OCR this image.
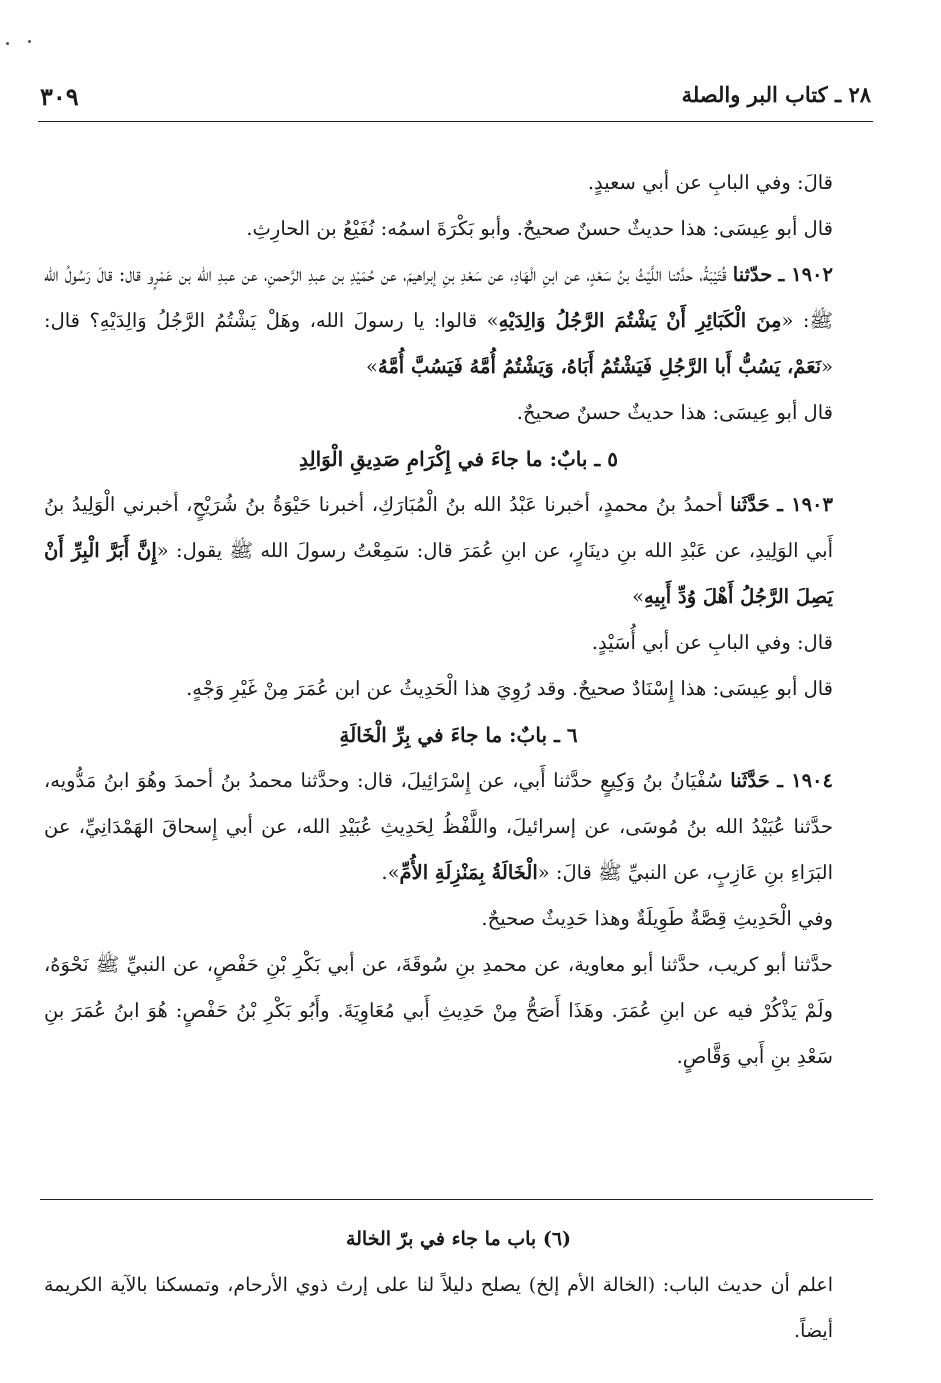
٢٨ ـ كتاب البر والصلة
٣٠٩

قالَ: وفي البابِ عن أبي سعيدٍ.

قال أبو عِيسَى: هذا حديثٌ حسنٌ صحيحٌ. وأبو بَكْرَةَ اسمُه: نُفَيْعُ بن الحارِثِ.

١٩٠٢ ـ حدّثنا قُتَيْبَةُ، حدَّثنا اللَّيْثُ بنُ سَعْدٍ، عن ابنِ الْهَادِ، عن سَعْدِ بنِ إبراهيمَ، عن حُمَيْدِ بن عبدِ الرَّحمنِ، عن عبدِ الله بن عَمْرٍو قال: قالَ رَسُولُ الله ﷺ: «مِنَ الْكَبَائِرِ أَنْ يَشْتُمَ الرَّجُلُ وَالِدَيْهِ» قالوا: يا رسولَ الله، وهَلْ يَشْتُمُ الرَّجُلُ وَالِدَيْهِ؟ قال: «نَعَمْ، يَسُبُّ أَبا الرَّجُلِ فَيَشْتُمُ أَبَاهُ، وَيَشْتُمُ أُمَّهُ فَيَسُبَّ أُمَّهُ»

قال أبو عِيسَى: هذا حديثٌ حسنٌ صحيحٌ.

٥ ـ بابٌ: ما جاءَ في إِكْرَامِ صَدِيقِ الْوَالِدِ

١٩٠٣ ـ حَدَّثَنا أحمدُ بنُ محمدٍ، أخبرنا عَبْدُ الله بنُ الْمُبَارَكِ، أخبرنا حَيْوَةُ بنُ شُرَيْحٍ، أخبرني الْوَلِيدُ بنُ أَبي الوَلِيدِ، عن عَبْدِ الله بنِ دينَارٍ، عن ابنِ عُمَرَ قال: سَمِعْتُ رسولَ الله ﷺ يقول: «إِنَّ أَبَرَّ الْبِرِّ أَنْ يَصِلَ الرَّجُلُ أَهْلَ وُدِّ أَبِيهِ»

قال: وفي البابِ عن أبي أُسَيْدٍ.

قال أبو عِيسَى: هذا إِسْنَادٌ صحيحٌ. وقد رُوِيَ هذا الْحَدِيثُ عن ابن عُمَرَ مِنْ غَيْرِ وَجْهٍ.

٦ ـ بابٌ: ما جاءَ في بِرِّ الْخَالَةِ

١٩٠٤ ـ حَدَّثَنا سُفْيَانُ بنُ وَكِيعٍ حدَّثنا أَبي، عن إِسْرَائِيلَ، قال: وحدَّثنا محمدُ بنُ أحمدَ وهُوَ ابنُ مَدُّويه، حدَّثنا عُبَيْدُ الله بنُ مُوسَى، عن إسرائيلَ، واللَّفْظُ لِحَدِيثِ عُبَيْدِ الله، عن أبي إِسحاقَ الهَمْدَانِيِّ، عن البَرَاءِ بنِ عَازِبٍ، عن النبيِّ ﷺ قالَ: «الْخَالَةُ بِمَنْزِلَةِ الأُمِّ».

وفي الْحَدِيثِ قِصَّةٌ طَوِيلَةٌ وهذا حَدِيثٌ صحيحٌ.

حدَّثنا أبو كريب، حدَّثنا أبو معاوية، عن محمدِ بنِ سُوقَةَ، عن أبي بَكْرِ بْنِ حَفْصٍ، عن النبيِّ ﷺ نَحْوَهُ، ولَمْ يَذْكُرْ فيه عن ابنِ عُمَرَ. وهَذَا أَصَحُّ مِنْ حَدِيثِ أَبي مُعَاوِيَةَ. وأَبُو بَكْرِ بْنُ حَفْصٍ: هُوَ ابنُ عُمَرَ بنِ سَعْدِ بنِ أَبي وَقَّاصٍ.

(٦) باب ما جاء في برّ الخالة

اعلم أن حديث الباب: (الخالة الأم إلخ) يصلح دليلاً لنا على إرث ذوي الأرحام، وتمسكنا بالآية الكريمة أيضاً.
